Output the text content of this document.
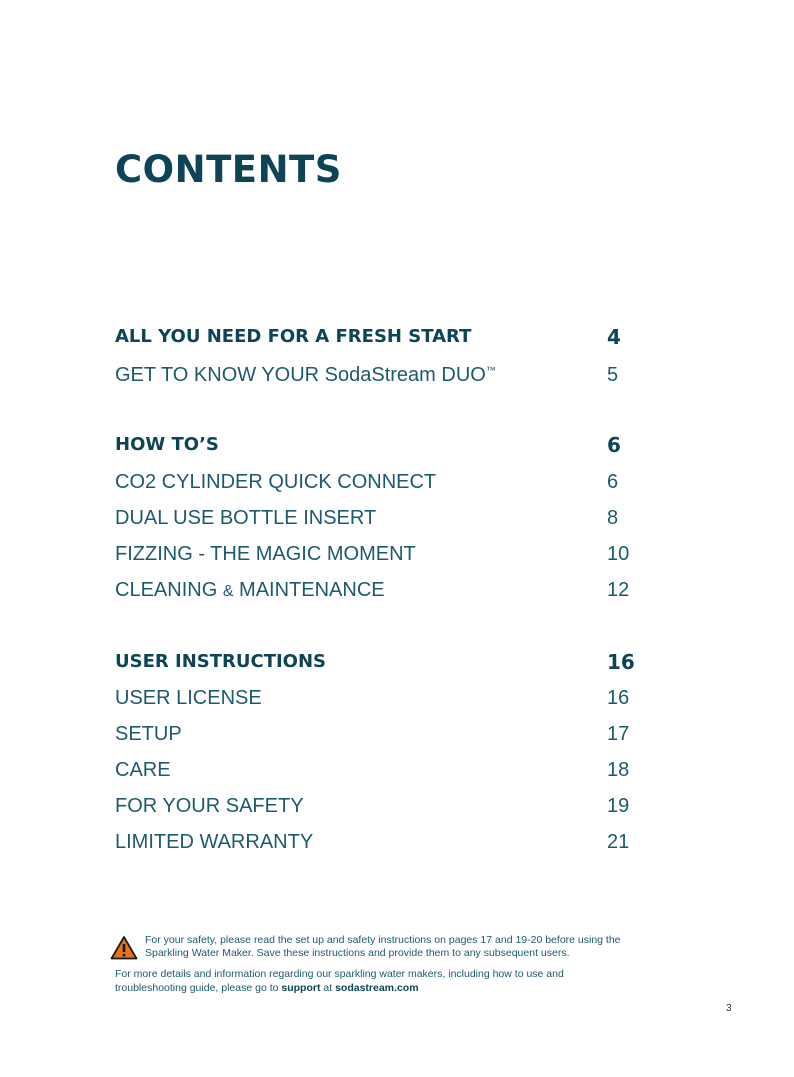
CONTENTS
ALL YOU NEED FOR A FRESH START	4
GET TO KNOW YOUR SodaStream DUO™	5
HOW TO’S	6
CO2 CYLINDER QUICK CONNECT	6
DUAL USE BOTTLE INSERT	8
FIZZING - THE MAGIC MOMENT	10
CLEANING & MAINTENANCE	12
USER INSTRUCTIONS	16
USER LICENSE	16
SETUP	17
CARE	18
FOR YOUR SAFETY	19
LIMITED WARRANTY	21
For your safety, please read the set up and safety instructions on pages 17 and 19-20 before using the Sparkling Water Maker. Save these instructions and provide them to any subsequent users.
For more details and information regarding our sparkling water makers, including how to use and troubleshooting guide, please go to support at sodastream.com
3
